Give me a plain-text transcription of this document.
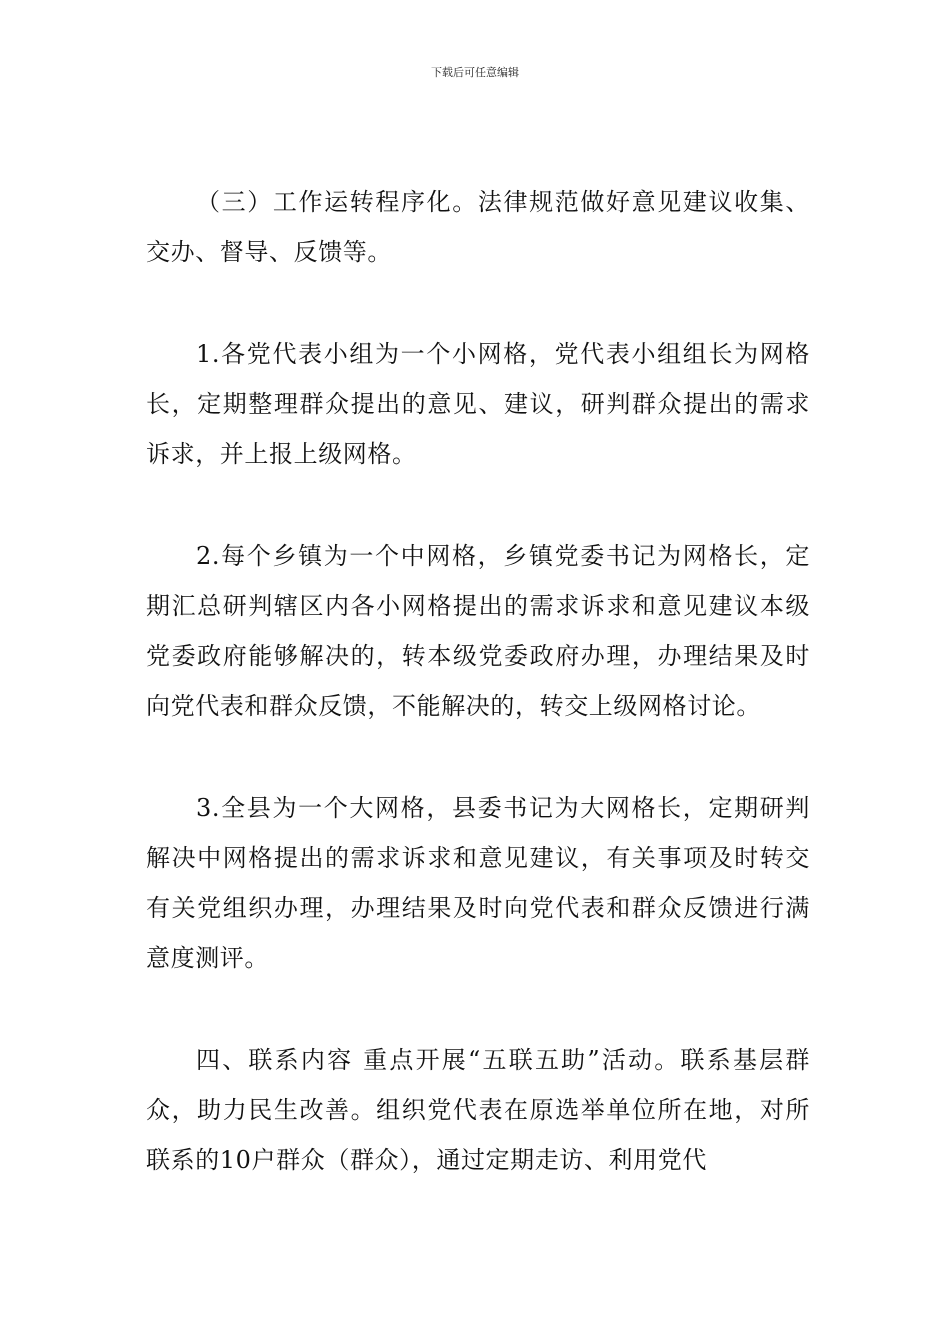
下载后可任意编辑

（三）工作运转程序化。法律规范做好意见建议收集、交办、督导、反馈等。

1.各党代表小组为一个小网格，党代表小组组长为网格长，定期整理群众提出的意见、建议，研判群众提出的需求诉求，并上报上级网格。

2.每个乡镇为一个中网格，乡镇党委书记为网格长，定期汇总研判辖区内各小网格提出的需求诉求和意见建议本级党委政府能够解决的，转本级党委政府办理，办理结果及时向党代表和群众反馈，不能解决的，转交上级网格讨论。

3.全县为一个大网格，县委书记为大网格长，定期研判解决中网格提出的需求诉求和意见建议，有关事项及时转交有关党组织办理，办理结果及时向党代表和群众反馈进行满意度测评。

四、联系内容 重点开展“五联五助”活动。联系基层群众，助力民生改善。组织党代表在原选举单位所在地，对所联系的10户群众（群众），通过定期走访、利用党代
